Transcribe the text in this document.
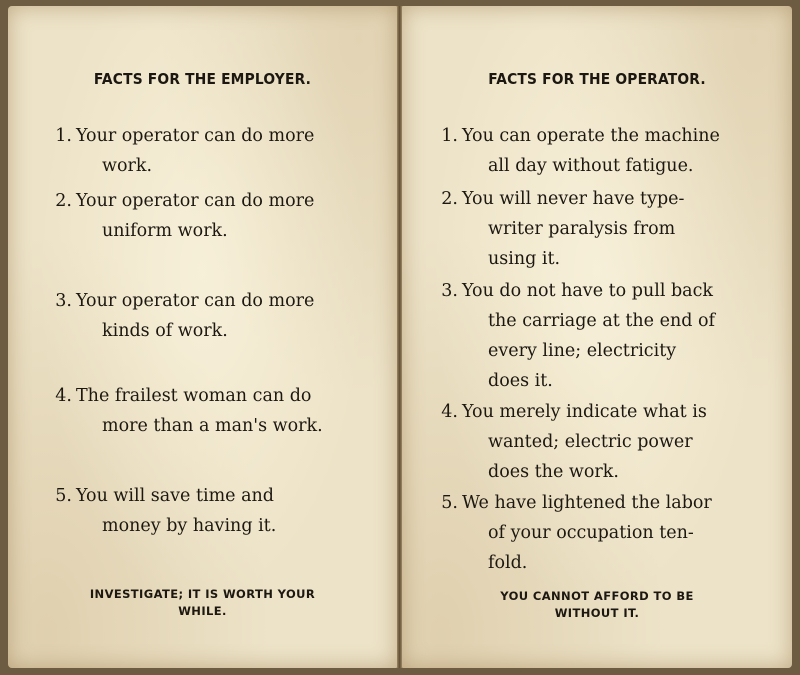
FACTS FOR THE EMPLOYER.
1. Your operator can do more
work.
2. Your operator can do more
uniform work.
3. Your operator can do more
kinds of work.
4. The frailest woman can do
more than a man's work.
5. You will save time and
money by having it.
INVESTIGATE; IT IS WORTH YOUR
WHILE.
FACTS FOR THE OPERATOR.
1. You can operate the machine
all day without fatigue.
2. You will never have type-
writer paralysis from
using it.
3. You do not have to pull back
the carriage at the end of
every line; electricity
does it.
4. You merely indicate what is
wanted; electric power
does the work.
5. We have lightened the labor
of your occupation ten-
fold.
YOU CANNOT AFFORD TO BE
WITHOUT IT.
